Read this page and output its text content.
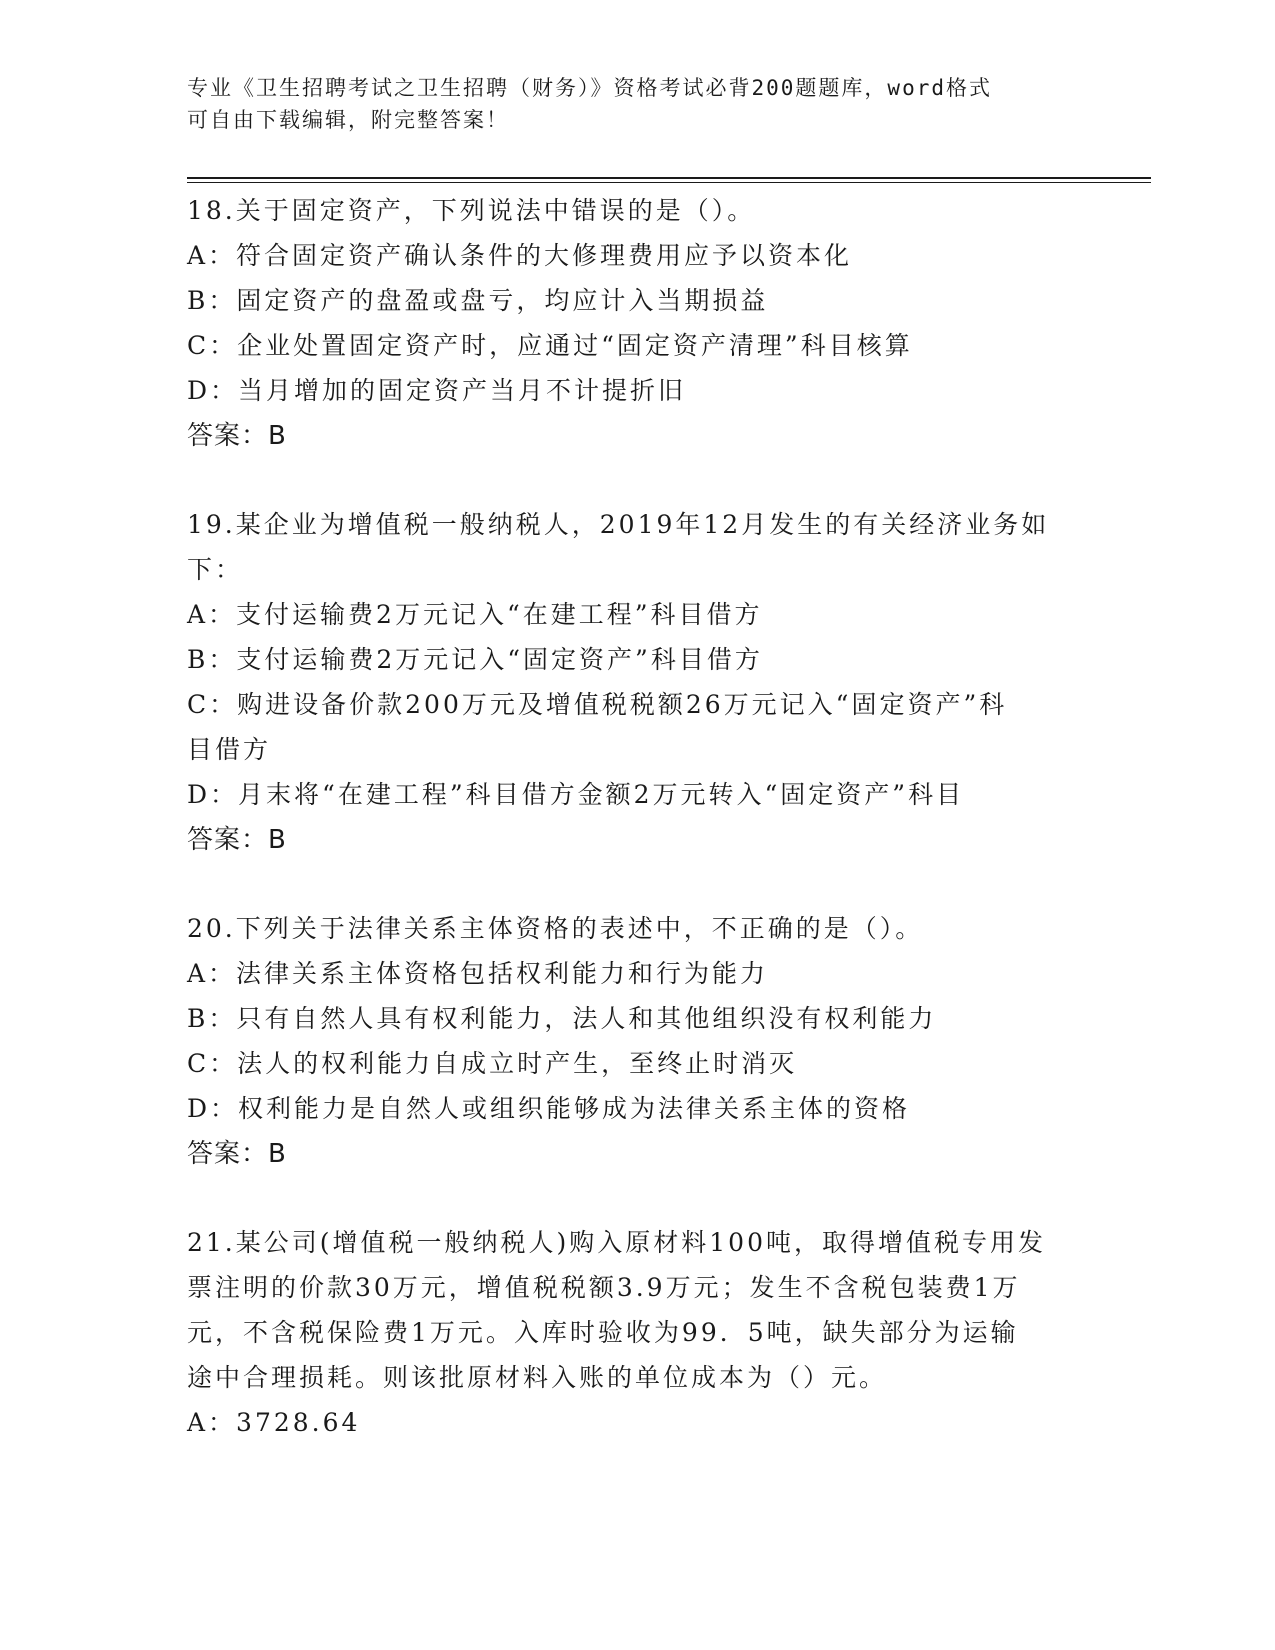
专业《卫生招聘考试之卫生招聘（财务）》资格考试必背200题题库，word格式
可自由下载编辑，附完整答案！
18.关于固定资产，下列说法中错误的是（）。
A：符合固定资产确认条件的大修理费用应予以资本化
B：固定资产的盘盈或盘亏，均应计入当期损益
C：企业处置固定资产时，应通过“固定资产清理”科目核算
D：当月增加的固定资产当月不计提折旧
答案：B
19.某企业为增值税一般纳税人，2019年12月发生的有关经济业务如
下：
A：支付运输费2万元记入“在建工程”科目借方
B：支付运输费2万元记入“固定资产”科目借方
C：购进设备价款200万元及增值税税额26万元记入“固定资产”科
目借方
D：月末将“在建工程”科目借方金额2万元转入“固定资产”科目
答案：B
20.下列关于法律关系主体资格的表述中，不正确的是（）。
A：法律关系主体资格包括权利能力和行为能力
B：只有自然人具有权利能力，法人和其他组织没有权利能力
C：法人的权利能力自成立时产生，至终止时消灭
D：权利能力是自然人或组织能够成为法律关系主体的资格
答案：B
21.某公司(增值税一般纳税人)购入原材料100吨，取得增值税专用发
票注明的价款30万元，增值税税额3.9万元；发生不含税包装费1万
元，不含税保险费1万元。入库时验收为99．5吨，缺失部分为运输
途中合理损耗。则该批原材料入账的单位成本为（）元。
A：3728.64
